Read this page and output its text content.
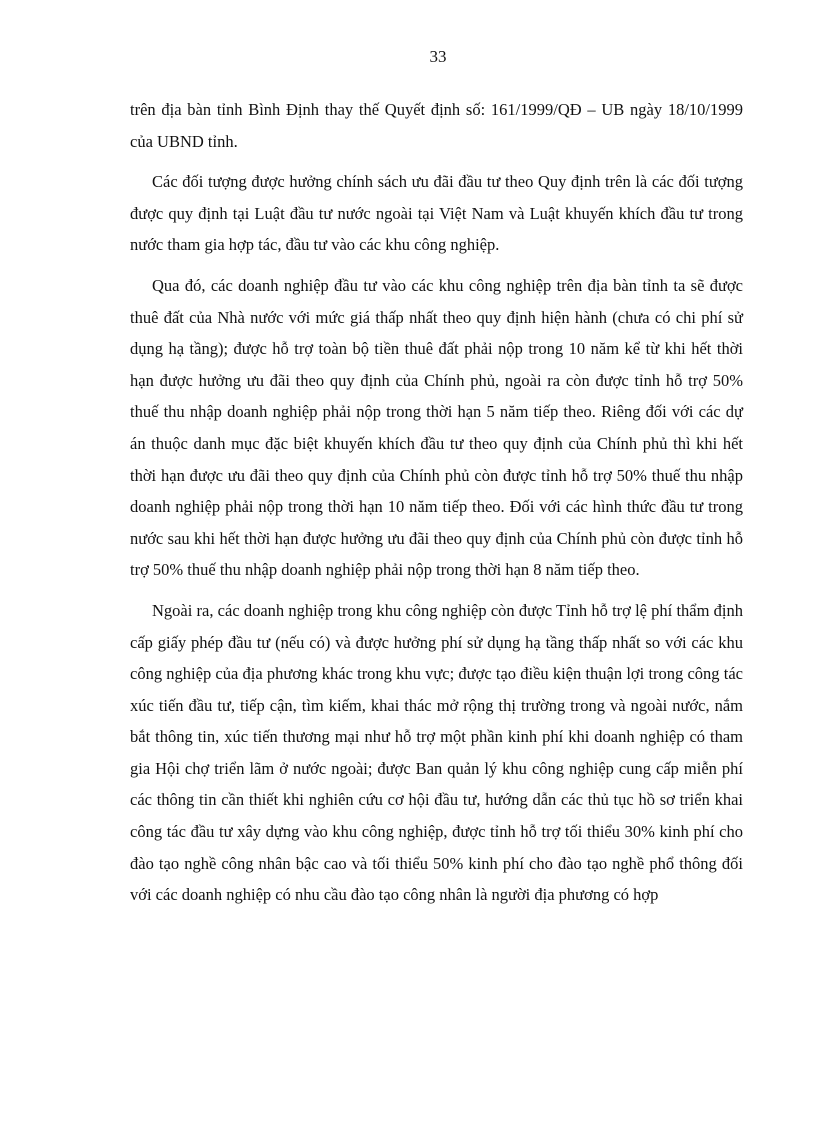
33

trên địa bàn tỉnh Bình Định thay thế Quyết định số: 161/1999/QĐ – UB ngày 18/10/1999 của UBND tỉnh.

Các đối tượng được hưởng chính sách ưu đãi đầu tư theo Quy định trên là các đối tượng được quy định tại Luật đầu tư nước ngoài tại Việt Nam và Luật khuyến khích đầu tư trong nước tham gia hợp tác, đầu tư vào các khu công nghiệp.

Qua đó, các doanh nghiệp đầu tư vào các khu công nghiệp trên địa bàn tỉnh ta sẽ được thuê đất của Nhà nước với mức giá thấp nhất theo quy định hiện hành (chưa có chi phí sử dụng hạ tầng); được hỗ trợ toàn bộ tiền thuê đất phải nộp trong 10 năm kể từ khi hết thời hạn được hưởng ưu đãi theo quy định của Chính phủ, ngoài ra còn được tỉnh hỗ trợ 50% thuế thu nhập doanh nghiệp phải nộp trong thời hạn 5 năm tiếp theo. Riêng đối với các dự án thuộc danh mục đặc biệt khuyến khích đầu tư theo quy định của Chính phủ thì khi hết thời hạn được ưu đãi theo quy định của Chính phủ còn được tỉnh hỗ trợ 50% thuế thu nhập doanh nghiệp phải nộp trong thời hạn 10 năm tiếp theo. Đối với các hình thức đầu tư trong nước sau khi hết thời hạn được hưởng ưu đãi theo quy định của Chính phủ còn được tỉnh hỗ trợ 50% thuế thu nhập doanh nghiệp phải nộp trong thời hạn 8 năm tiếp theo.

Ngoài ra, các doanh nghiệp trong khu công nghiệp còn được Tỉnh hỗ trợ lệ phí thẩm định cấp giấy phép đầu tư (nếu có) và được hưởng phí sử dụng hạ tầng thấp nhất so với các khu công nghiệp của địa phương khác trong khu vực; được tạo điều kiện thuận lợi trong công tác xúc tiến đầu tư, tiếp cận, tìm kiếm, khai thác mở rộng thị trường trong và ngoài nước, nắm bắt thông tin, xúc tiến thương mại như hỗ trợ một phần kinh phí khi doanh nghiệp có tham gia Hội chợ triển lãm ở nước ngoài; được Ban quản lý khu công nghiệp cung cấp miễn phí các thông tin cần thiết khi nghiên cứu cơ hội đầu tư, hướng dẫn các thủ tục hồ sơ triển khai công tác đầu tư xây dựng vào khu công nghiệp, được tỉnh hỗ trợ tối thiểu 30% kinh phí cho đào tạo nghề công nhân bậc cao và tối thiểu 50% kinh phí cho đào tạo nghề phổ thông đối với các doanh nghiệp có nhu cầu đào tạo công nhân là người địa phương có hợp
